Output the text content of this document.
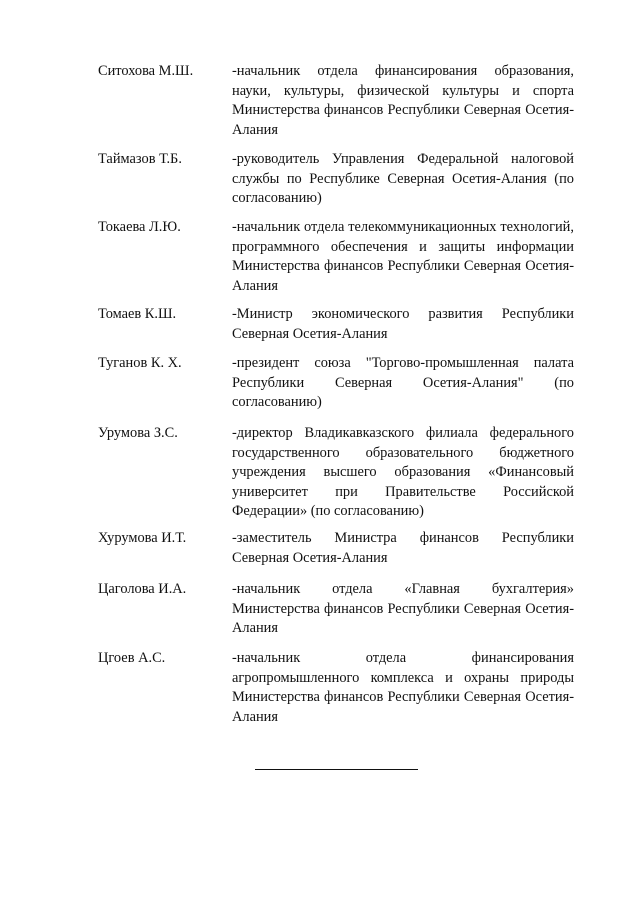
Ситохова М.Ш.	-начальник отдела финансирования образования, науки, культуры, физической культуры и спорта Министерства финансов Республики Северная Осетия-Алания
Таймазов Т.Б.	-руководитель Управления Федеральной налоговой службы по Республике Северная Осетия-Алания (по согласованию)
Токаева Л.Ю.	-начальник отдела телекоммуникационных технологий, программного обеспечения и защиты информации Министерства финансов Республики Северная Осетия-Алания
Томаев К.Ш.	-Министр экономического развития Республики Северная Осетия-Алания
Туганов К. Х.	-президент союза "Торгово-промышленная палата Республики Северная Осетия-Алания" (по согласованию)
Урумова З.С.	-директор Владикавказского филиала федерального государственного образовательного бюджетного учреждения высшего образования «Финансовый университет при Правительстве Российской Федерации» (по согласованию)
Хурумова И.Т.	-заместитель Министра финансов Республики Северная Осетия-Алания
Цаголова И.А.	-начальник отдела «Главная бухгалтерия» Министерства финансов Республики Северная Осетия-Алания
Цгоев А.С.	-начальник отдела финансирования агропромышленного комплекса и охраны природы Министерства финансов Республики Северная Осетия-Алания
